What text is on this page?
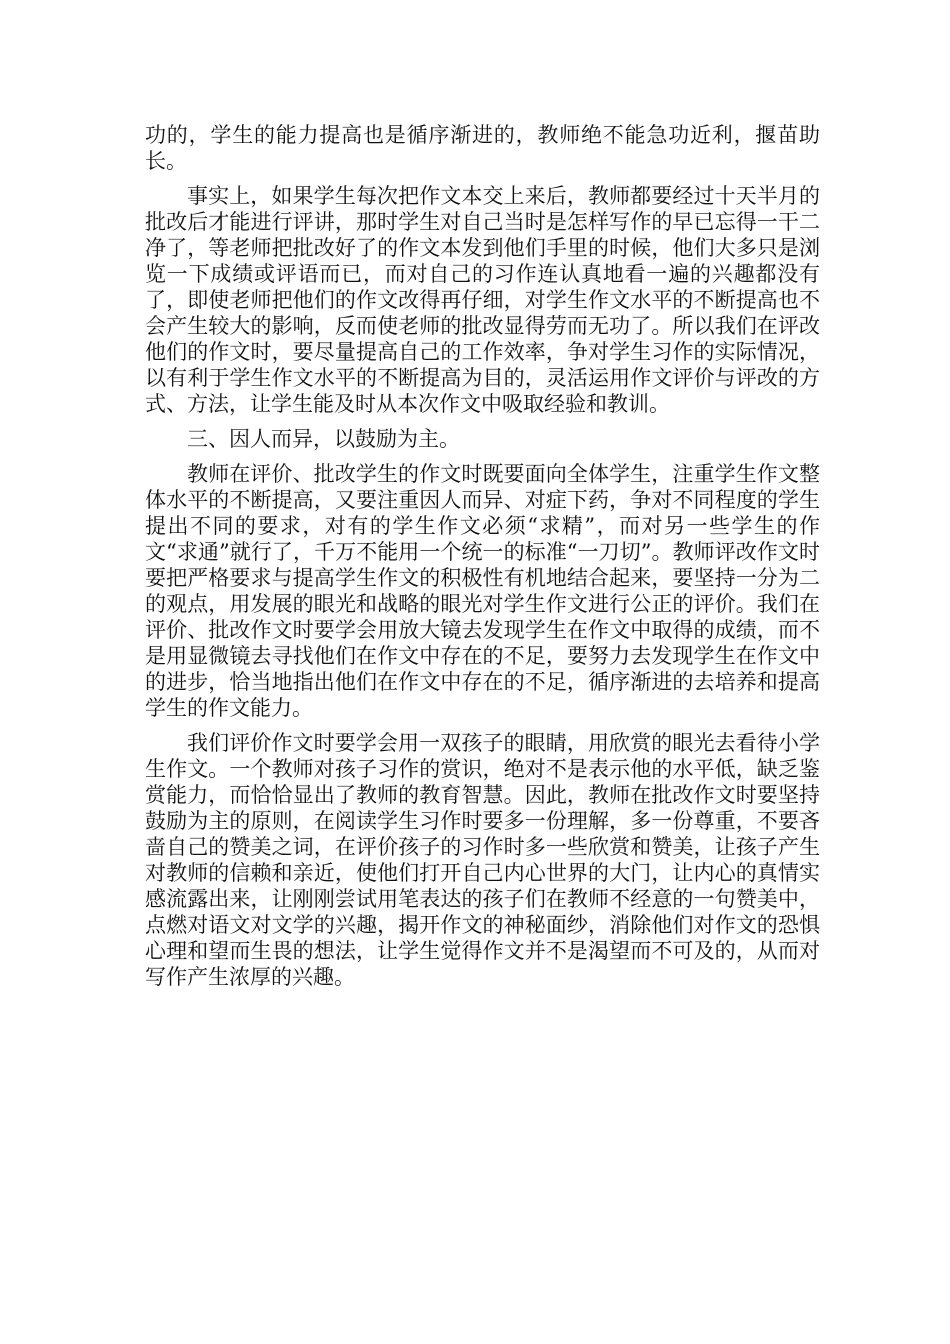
功的，学生的能力提高也是循序渐进的，教师绝不能急功近利，揠苗助长。

事实上，如果学生每次把作文本交上来后，教师都要经过十天半月的批改后才能进行评讲，那时学生对自己当时是怎样写作的早已忘得一干二净了，等老师把批改好了的作文本发到他们手里的时候，他们大多只是浏览一下成绩或评语而已，而对自己的习作连认真地看一遍的兴趣都没有了，即使老师把他们的作文改得再仔细，对学生作文水平的不断提高也不会产生较大的影响，反而使老师的批改显得劳而无功了。所以我们在评改他们的作文时，要尽量提高自己的工作效率，争对学生习作的实际情况，以有利于学生作文水平的不断提高为目的，灵活运用作文评价与评改的方式、方法，让学生能及时从本次作文中吸取经验和教训。

三、因人而异，以鼓励为主。

教师在评价、批改学生的作文时既要面向全体学生，注重学生作文整体水平的不断提高，又要注重因人而异、对症下药，争对不同程度的学生提出不同的要求，对有的学生作文必须“求精”，而对另一些学生的作文“求通”就行了，千万不能用一个统一的标准“一刀切”。教师评改作文时要把严格要求与提高学生作文的积极性有机地结合起来，要坚持一分为二的观点，用发展的眼光和战略的眼光对学生作文进行公正的评价。我们在评价、批改作文时要学会用放大镜去发现学生在作文中取得的成绩，而不是用显微镜去寻找他们在作文中存在的不足，要努力去发现学生在作文中的进步，恰当地指出他们在作文中存在的不足，循序渐进的去培养和提高学生的作文能力。

我们评价作文时要学会用一双孩子的眼睛，用欣赏的眼光去看待小学生作文。一个教师对孩子习作的赏识，绝对不是表示他的水平低，缺乏鉴赏能力，而恰恰显出了教师的教育智慧。因此，教师在批改作文时要坚持鼓励为主的原则，在阅读学生习作时要多一份理解，多一份尊重，不要吝啬自己的赞美之词，在评价孩子的习作时多一些欣赏和赞美，让孩子产生对教师的信赖和亲近，使他们打开自己内心世界的大门，让内心的真情实感流露出来，让刚刚尝试用笔表达的孩子们在教师不经意的一句赞美中，点燃对语文对文学的兴趣，揭开作文的神秘面纱，消除他们对作文的恐惧心理和望而生畏的想法，让学生觉得作文并不是渴望而不可及的，从而对写作产生浓厚的兴趣。
